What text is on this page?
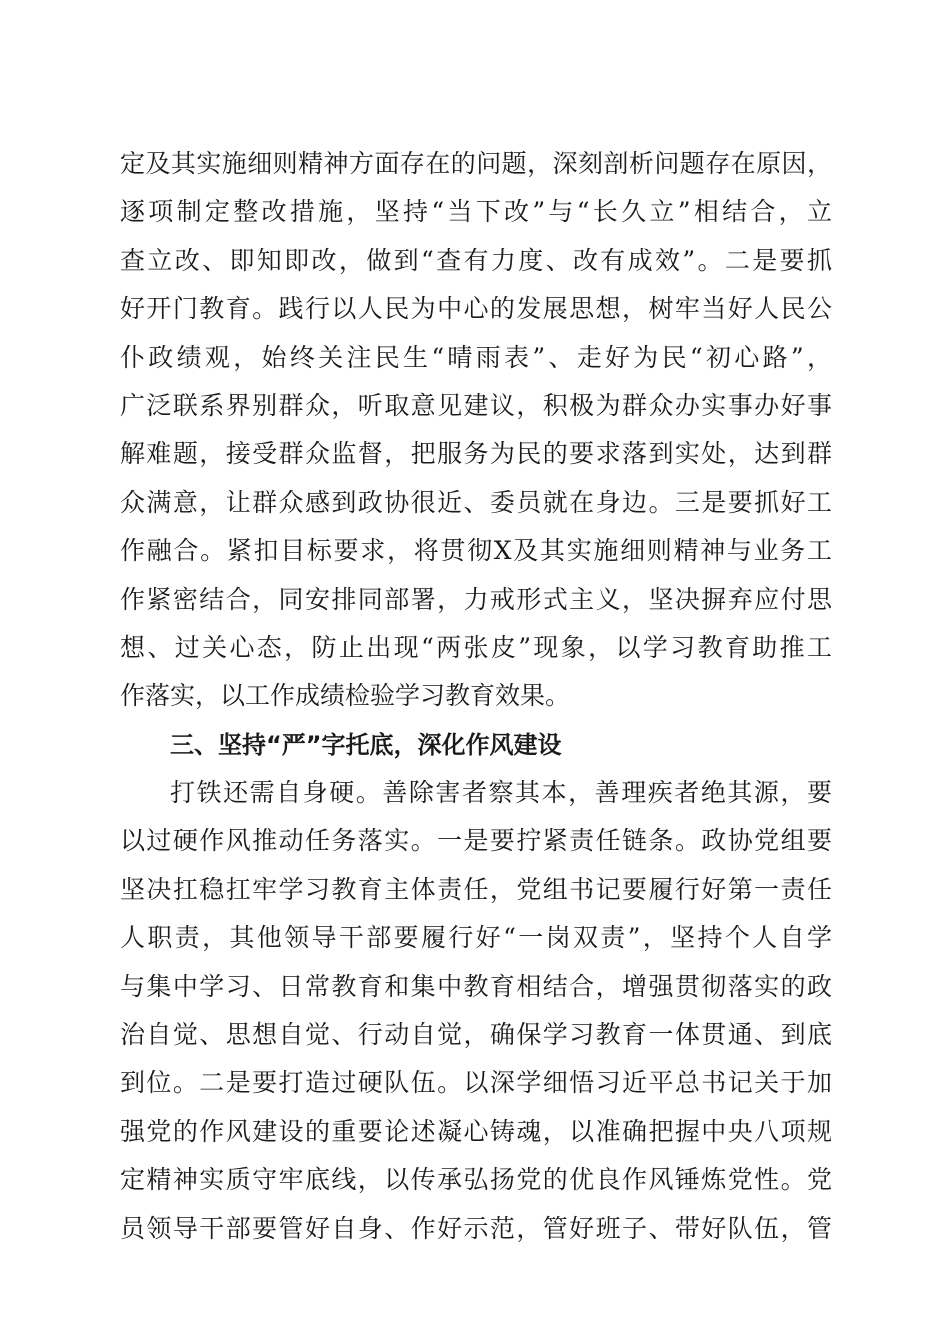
定及其实施细则精神方面存在的问题，深刻剖析问题存在原因，
逐项制定整改措施，坚持“当下改”与“长久立”相结合，立
查立改、即知即改，做到“查有力度、改有成效”。二是要抓
好开门教育。践行以人民为中心的发展思想，树牢当好人民公
仆政绩观，始终关注民生“晴雨表”、走好为民“初心路”，
广泛联系界别群众，听取意见建议，积极为群众办实事办好事
解难题，接受群众监督，把服务为民的要求落到实处，达到群
众满意，让群众感到政协很近、委员就在身边。三是要抓好工
作融合。紧扣目标要求，将贯彻X及其实施细则精神与业务工
作紧密结合，同安排同部署，力戒形式主义，坚决摒弃应付思
想、过关心态，防止出现“两张皮”现象，以学习教育助推工
作落实，以工作成绩检验学习教育效果。
三、坚持“严”字托底，深化作风建设
打铁还需自身硬。善除害者察其本，善理疾者绝其源，要
以过硬作风推动任务落实。一是要拧紧责任链条。政协党组要
坚决扛稳扛牢学习教育主体责任，党组书记要履行好第一责任
人职责，其他领导干部要履行好“一岗双责”，坚持个人自学
与集中学习、日常教育和集中教育相结合，增强贯彻落实的政
治自觉、思想自觉、行动自觉，确保学习教育一体贯通、到底
到位。二是要打造过硬队伍。以深学细悟习近平总书记关于加
强党的作风建设的重要论述凝心铸魂，以准确把握中央八项规
定精神实质守牢底线，以传承弘扬党的优良作风锤炼党性。党
员领导干部要管好自身、作好示范，管好班子、带好队伍，管
